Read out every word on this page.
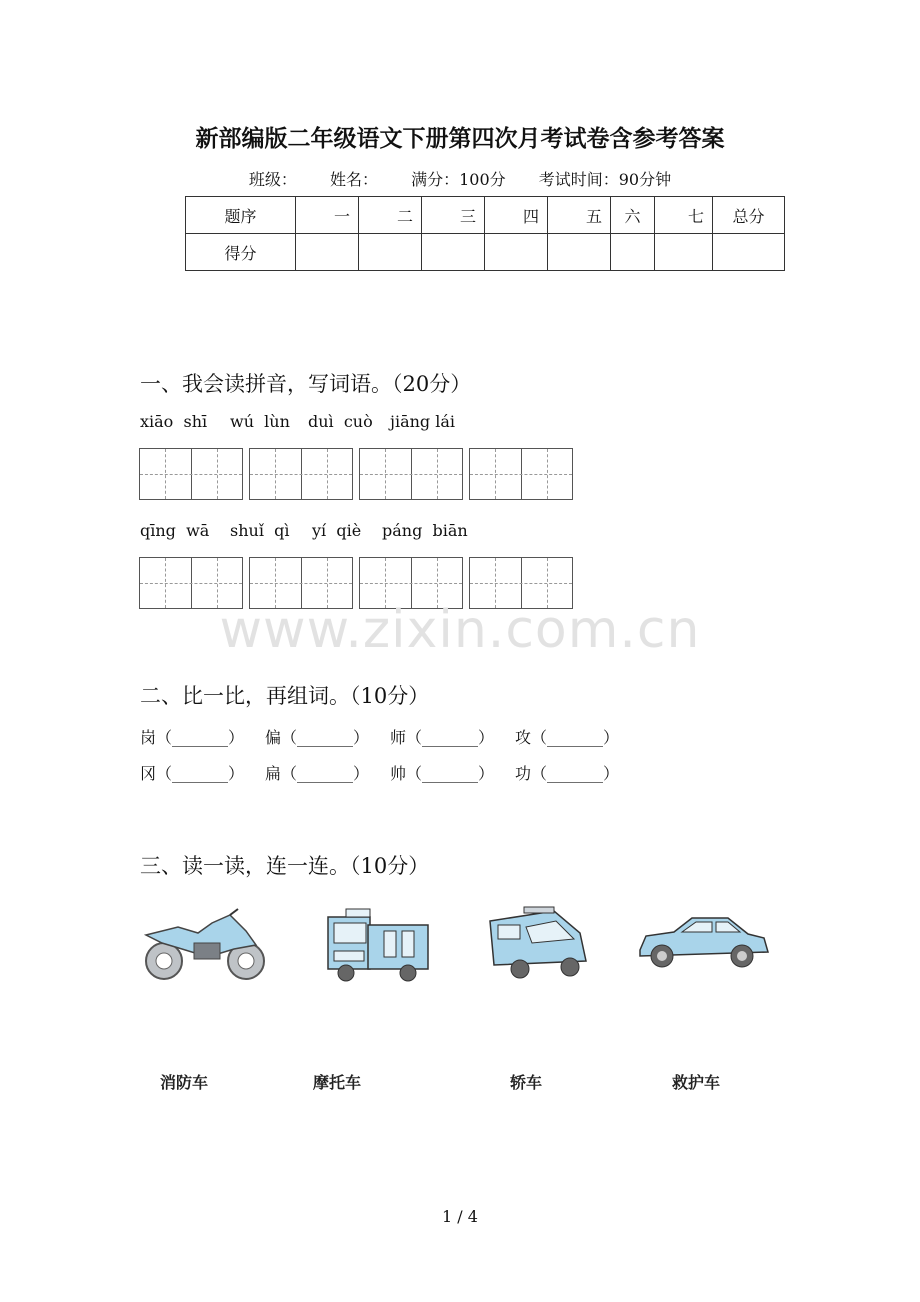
新部编版二年级语文下册第四次月考试卷含参考答案
班级： 姓名： 满分：100分 考试时间：90分钟
题序	一	二	三	四	五	六	七	总分
得分								
一、我会读拼音，写词语。（20分）
xiāo  shī wú  lùn duì  cuò jiāng lái
qīng  wā shuǐ  qì yí  qiè páng  biān
www.zixin.com.cn
二、比一比，再组词。（10分）
岗（_______） 偏（_______） 师（_______） 攻（_______）
冈（_______） 扁（_______） 帅（_______） 功（_______）
三、读一读，连一连。（10分）
消防车	摩托车	轿车	救护车
1 / 4
